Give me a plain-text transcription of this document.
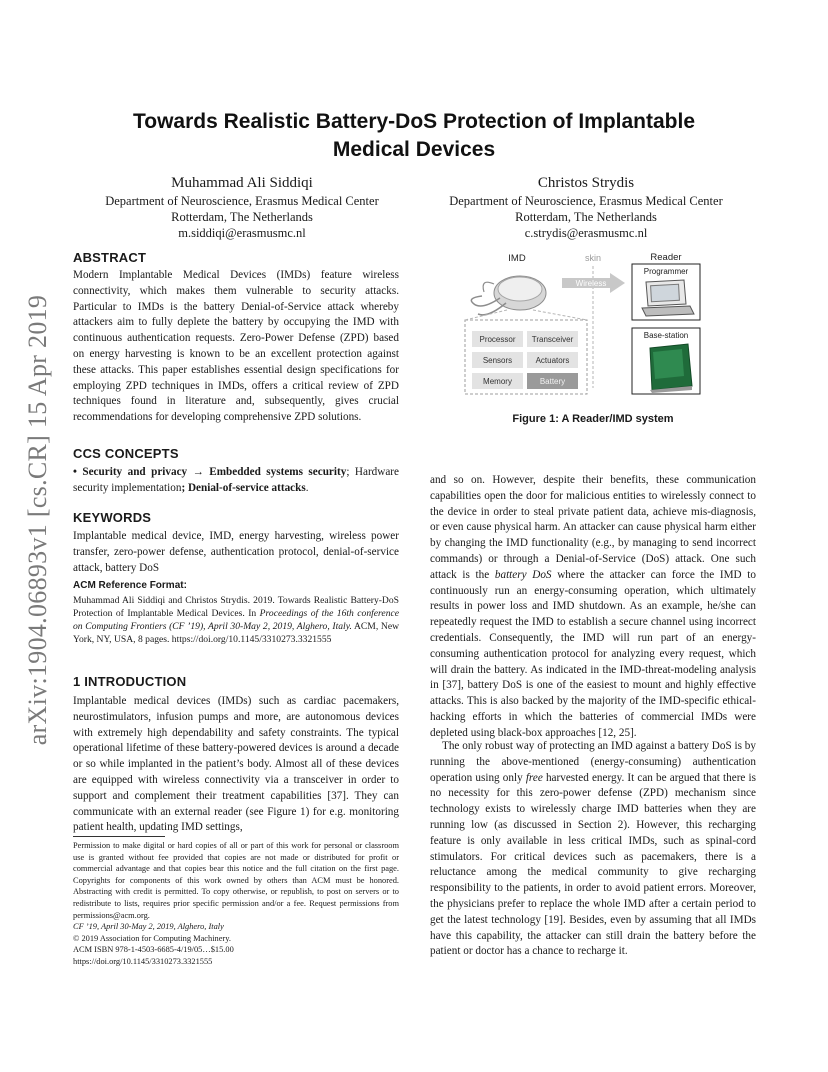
arXiv:1904.06893v1 [cs.CR] 15 Apr 2019
Towards Realistic Battery-DoS Protection of Implantable
Medical Devices
Muhammad Ali Siddiqi
Department of Neuroscience, Erasmus Medical Center
Rotterdam, The Netherlands
m.siddiqi@erasmusmc.nl
Christos Strydis
Department of Neuroscience, Erasmus Medical Center
Rotterdam, The Netherlands
c.strydis@erasmusmc.nl
ABSTRACT
Modern Implantable Medical Devices (IMDs) feature wireless connectivity, which makes them vulnerable to security attacks. Particular to IMDs is the battery Denial-of-Service attack whereby attackers aim to fully deplete the battery by occupying the IMD with continuous authentication requests. Zero-Power Defense (ZPD) based on energy harvesting is known to be an excellent protection against these attacks. This paper establishes essential design specifications for employing ZPD techniques in IMDs, offers a critical review of ZPD techniques found in literature and, subsequently, gives crucial recommendations for developing comprehensive ZPD solutions.
CCS CONCEPTS
• Security and privacy → Embedded systems security; Hardware security implementation; Denial-of-service attacks.
KEYWORDS
Implantable medical device, IMD, energy harvesting, wireless power transfer, zero-power defense, authentication protocol, denial-of-service attack, battery DoS
ACM Reference Format:
Muhammad Ali Siddiqi and Christos Strydis. 2019. Towards Realistic Battery-DoS Protection of Implantable Medical Devices. In Proceedings of the 16th conference on Computing Frontiers (CF ’19), April 30-May 2, 2019, Alghero, Italy. ACM, New York, NY, USA, 8 pages. https://doi.org/10.1145/3310273.3321555
1 INTRODUCTION
Implantable medical devices (IMDs) such as cardiac pacemakers, neurostimulators, infusion pumps and more, are autonomous devices with extremely high dependability and safety constraints. The typical operational lifetime of these battery-powered devices is around a decade or so while implanted in the patient’s body. Almost all of these devices are equipped with wireless connectivity via a transceiver in order to support and complement their treatment capabilities [37]. They can communicate with an external reader (see Figure 1) for e.g. monitoring patient health, updating IMD settings,
Permission to make digital or hard copies of all or part of this work for personal or classroom use is granted without fee provided that copies are not made or distributed for profit or commercial advantage and that copies bear this notice and the full citation on the first page. Copyrights for components of this work owned by others than ACM must be honored. Abstracting with credit is permitted. To copy otherwise, or republish, to post on servers or to redistribute to lists, requires prior specific permission and/or a fee. Request permissions from permissions@acm.org.
CF ’19, April 30-May 2, 2019, Alghero, Italy
© 2019 Association for Computing Machinery.
ACM ISBN 978-1-4503-6685-4/19/05…$15.00
https://doi.org/10.1145/3310273.3321555
IMD	skin
Wireless
Processor Transceiver
Sensors	Actuators
Memory	Battery
Reader
Programmer
Base-station
Figure 1: A Reader/IMD system
and so on. However, despite their benefits, these communication capabilities open the door for malicious entities to wirelessly connect to the device in order to steal private patient data, achieve mis-diagnosis, or even cause physical harm. An attacker can cause physical harm either by changing the IMD functionality (e.g., by managing to send incorrect commands) or through a Denial-of-Service (DoS) attack. One such attack is the battery DoS where the attacker can force the IMD to continuously run an energy-consuming operation, which ultimately results in power loss and IMD shutdown. As an example, he/she can repeatedly request the IMD to establish a secure channel using incorrect credentials. Consequently, the IMD will run part of an energy-consuming authentication protocol for analyzing every request, which will drain the battery. As indicated in the IMD-threat-modeling analysis in [37], battery DoS is one of the easiest to mount and highly effective attacks. This is also backed by the majority of the IMD-specific ethical-hacking efforts in which the batteries of commercial IMDs were depleted using black-box approaches [12, 25].
The only robust way of protecting an IMD against a battery DoS is by running the above-mentioned (energy-consuming) authentication operation using only free harvested energy. It can be argued that there is no necessity for this zero-power defense (ZPD) mechanism since technology exists to wirelessly charge IMD batteries when they are running low (as discussed in Section 2). However, this recharging feature is only available in less critical IMDs, such as spinal-cord stimulators. For critical devices such as pacemakers, there is a reluctance among the medical community to give recharging responsibility to the patients, in order to avoid patient errors. Moreover, the physicians prefer to replace the whole IMD after a certain period to get the latest technology [19]. Besides, even by assuming that all IMDs have this capability, the attacker can still drain the battery before the patient or doctor has a chance to recharge it.
